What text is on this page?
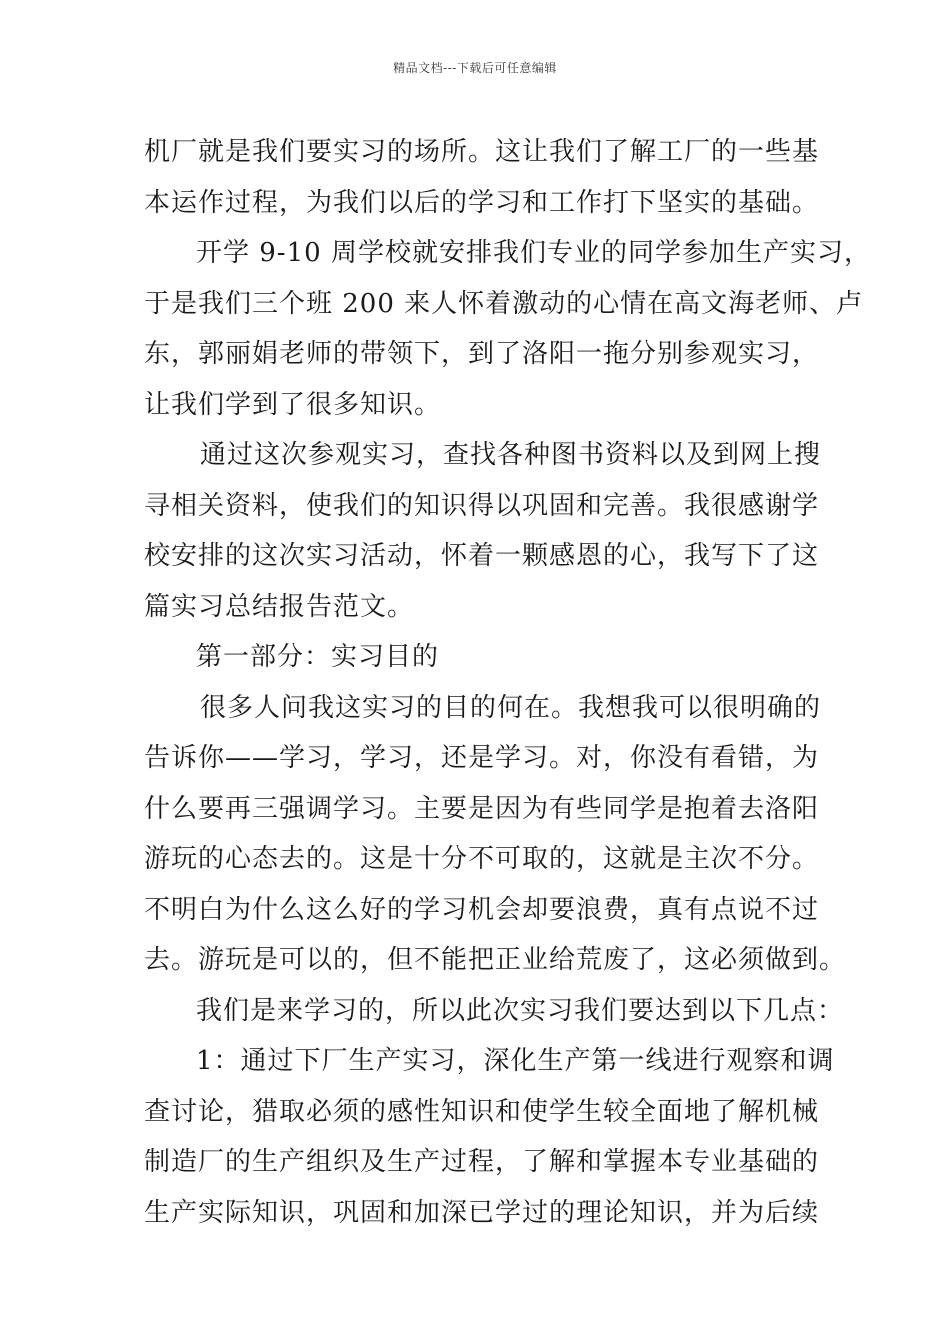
精品文档---下载后可任意编辑
机厂就是我们要实习的场所。这让我们了解工厂的一些基
本运作过程，为我们以后的学习和工作打下坚实的基础。
开学 9-10 周学校就安排我们专业的同学参加生产实习，
于是我们三个班 200 来人怀着激动的心情在高文海老师、卢
东，郭丽娟老师的带领下，到了洛阳一拖分别参观实习，
让我们学到了很多知识。
通过这次参观实习，查找各种图书资料以及到网上搜
寻相关资料，使我们的知识得以巩固和完善。我很感谢学
校安排的这次实习活动，怀着一颗感恩的心，我写下了这
篇实习总结报告范文。
第一部分：实习目的
很多人问我这实习的目的何在。我想我可以很明确的
告诉你——学习，学习，还是学习。对，你没有看错，为
什么要再三强调学习。主要是因为有些同学是抱着去洛阳
游玩的心态去的。这是十分不可取的，这就是主次不分。
不明白为什么这么好的学习机会却要浪费，真有点说不过
去。游玩是可以的，但不能把正业给荒废了，这必须做到。
我们是来学习的，所以此次实习我们要达到以下几点：
1：通过下厂生产实习，深化生产第一线进行观察和调
查讨论，猎取必须的感性知识和使学生较全面地了解机械
制造厂的生产组织及生产过程，了解和掌握本专业基础的
生产实际知识，巩固和加深已学过的理论知识，并为后续
